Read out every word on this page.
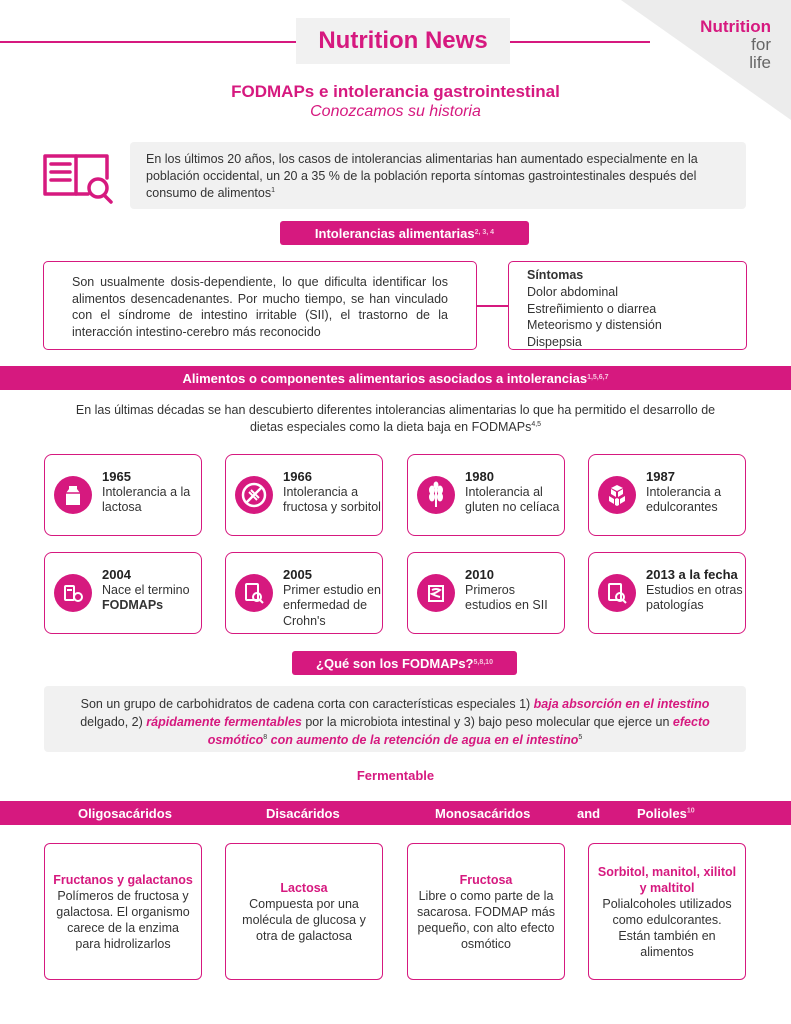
Nutrition News
Nutrition
for
life
FODMAPs e intolerancia gastrointestinal
Conozcamos su historia
En los últimos 20 años, los casos de intolerancias alimentarias han aumentado especialmente en la población occidental, un 20 a 35 % de la población reporta síntomas gastrointestinales después del consumo de alimentos$^1$
Intolerancias alimentarias 2, 3, 4
Son usualmente dosis-dependiente, lo que dificulta identificar los alimentos desencadenantes. Por mucho tiempo, se han vinculado con el síndrome de intestino irritable (SII), el trastorno de la interacción intestino-cerebro más reconocido
Síntomas
Dolor abdominal
Estreñimiento o diarrea
Meteorismo y distensión
Dispepsia
Alimentos o componentes alimentarios asociados a intolerancias 1,5,6,7
En las últimas décadas se han descubierto diferentes intolerancias alimentarias lo que ha permitido el desarrollo de dietas especiales como la dieta baja en FODMAPs$^{4,5}$
1965
Intolerancia a la lactosa
1966
Intolerancia a fructosa y sorbitol
1980
Intolerancia al gluten no celíaca
1987
Intolerancia a edulcorantes
2004
Nace el termino
FODMAPs
2005
Primer estudio en enfermedad de Crohn's
2010
Primeros estudios en SII
2013 a la fecha
Estudios en otras patologías
¿Qué son los FODMAPs? 5,8,10
Son un grupo de carbohidratos de cadena corta con características especiales 1) baja absorción en el intestino delgado, 2) rápidamente fermentables por la microbiota intestinal y 3) bajo peso molecular que ejerce un efecto osmótico$^8$ con aumento de la retención de agua en el intestino$^5$
Fermentable
Oligosacáridos	Disacáridos	Monosacáridos	and	Polioles$^{10}$
Fructanos y galactanos
Polímeros de fructosa y galactosa. El organismo carece de la enzima para hidrolizarlos
Lactosa
Compuesta por una molécula de glucosa y otra de galactosa
Fructosa
Libre o como parte de la sacarosa. FODMAP más pequeño, con alto efecto osmótico
Sorbitol, manitol, xilitol y maltitol
Polialcoholes utilizados como edulcorantes. Están también en alimentos
